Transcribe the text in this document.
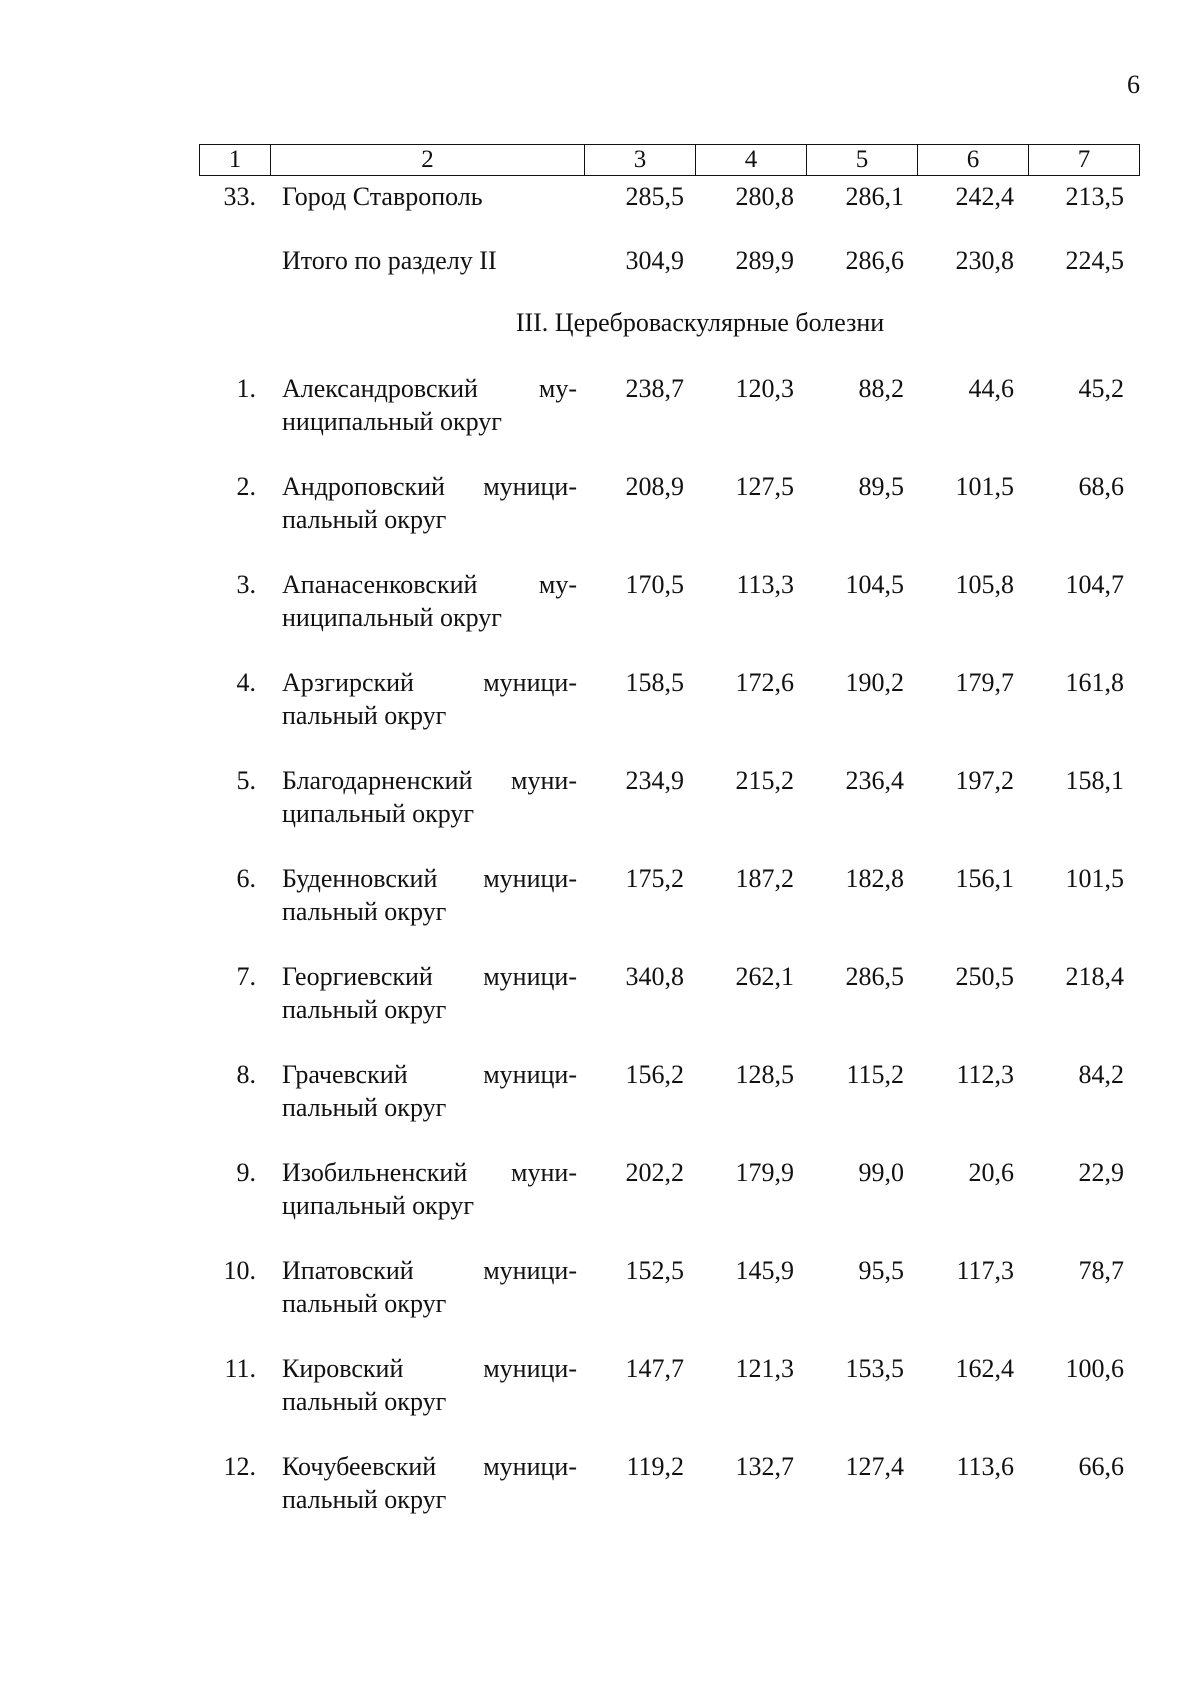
6
1	2	3	4	5	6	7
33. Город Ставрополь	285,5	280,8	286,1	242,4	213,5
Итого по разделу II	304,9	289,9	286,6	230,8	224,5
III. Цереброваскулярные болезни
1. Александровский му-
ниципальный округ
238,7	120,3	88,2	44,6	45,2
2. Андроповский муници-
пальный округ
208,9	127,5	89,5	101,5	68,6
3. Апанасенковский му-
ниципальный округ
170,5	113,3	104,5	105,8	104,7
4. Арзгирский муници-
пальный округ
158,5	172,6	190,2	179,7	161,8
5. Благодарненский муни-
ципальный округ
234,9	215,2	236,4	197,2	158,1
6. Буденновский муници-
пальный округ
175,2	187,2	182,8	156,1	101,5
7. Георгиевский муници-
пальный округ
340,8	262,1	286,5	250,5	218,4
8. Грачевский муници-
пальный округ
156,2	128,5	115,2	112,3	84,2
9. Изобильненский муни-
ципальный округ
202,2	179,9	99,0	20,6	22,9
10. Ипатовский муници-
пальный округ
152,5	145,9	95,5	117,3	78,7
11. Кировский муници-
пальный округ
147,7	121,3	153,5	162,4	100,6
12. Кочубеевский муници-
пальный округ
119,2	132,7	127,4	113,6	66,6
